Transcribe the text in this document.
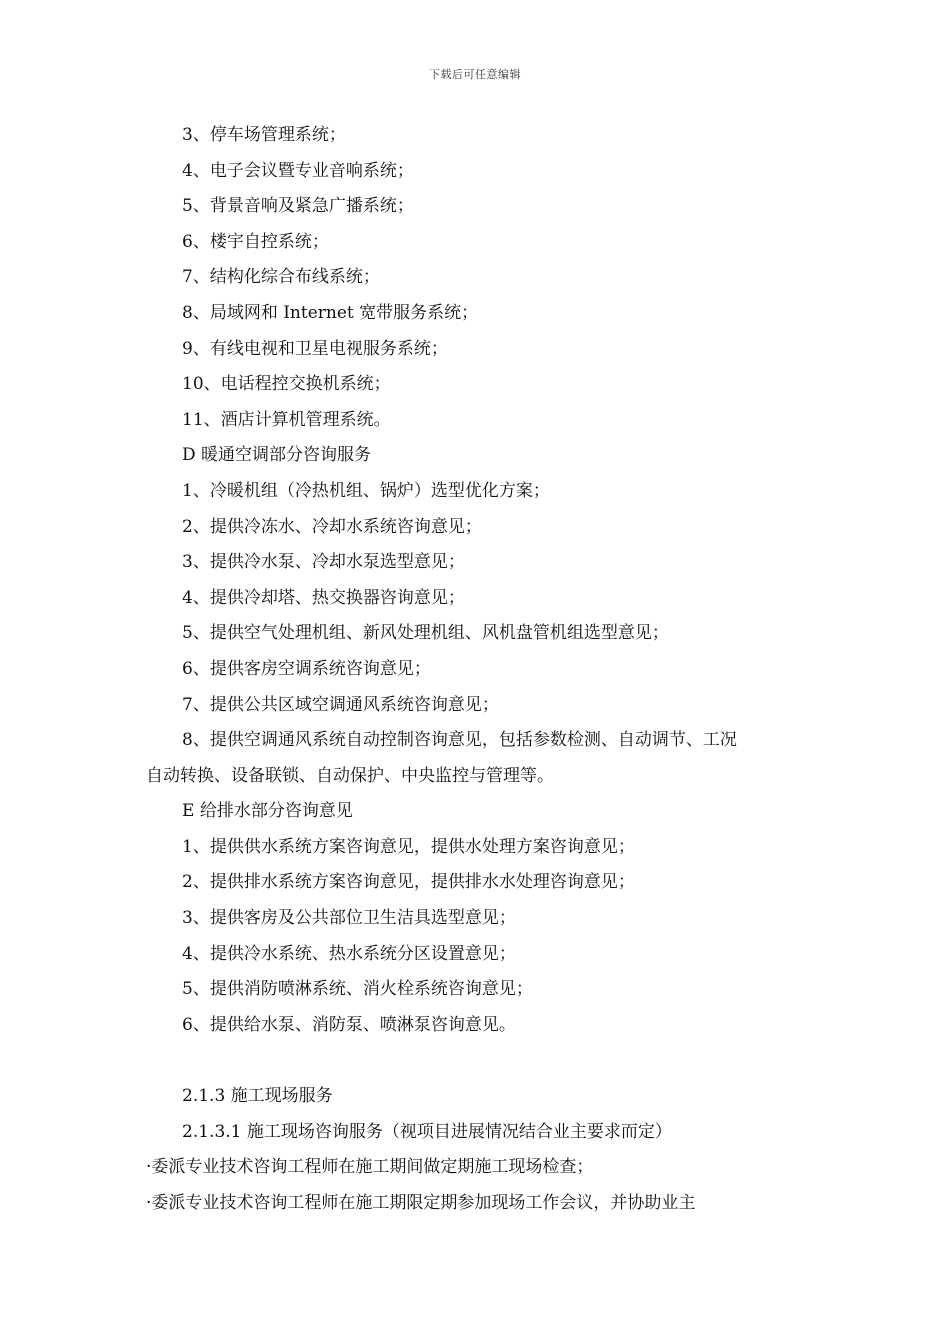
下载后可任意编辑
3、停车场管理系统；
4、电子会议暨专业音响系统；
5、背景音响及紧急广播系统；
6、楼宇自控系统；
7、结构化综合布线系统；
8、局域网和 Internet 宽带服务系统；
9、有线电视和卫星电视服务系统；
10、电话程控交换机系统；
11、酒店计算机管理系统。
D 暖通空调部分咨询服务
1、冷暖机组（冷热机组、锅炉）选型优化方案；
2、提供冷冻水、冷却水系统咨询意见；
3、提供冷水泵、冷却水泵选型意见；
4、提供冷却塔、热交换器咨询意见；
5、提供空气处理机组、新风处理机组、风机盘管机组选型意见；
6、提供客房空调系统咨询意见；
7、提供公共区域空调通风系统咨询意见；
8、提供空调通风系统自动控制咨询意见，包括参数检测、自动调节、工况
自动转换、设备联锁、自动保护、中央监控与管理等。
E 给排水部分咨询意见
1、提供供水系统方案咨询意见，提供水处理方案咨询意见；
2、提供排水系统方案咨询意见，提供排水水处理咨询意见；
3、提供客房及公共部位卫生洁具选型意见；
4、提供冷水系统、热水系统分区设置意见；
5、提供消防喷淋系统、消火栓系统咨询意见；
6、提供给水泵、消防泵、喷淋泵咨询意见。
2.1.3 施工现场服务
2.1.3.1 施工现场咨询服务（视项目进展情况结合业主要求而定）
·委派专业技术咨询工程师在施工期间做定期施工现场检查；
·委派专业技术咨询工程师在施工期限定期参加现场工作会议，并协助业主
